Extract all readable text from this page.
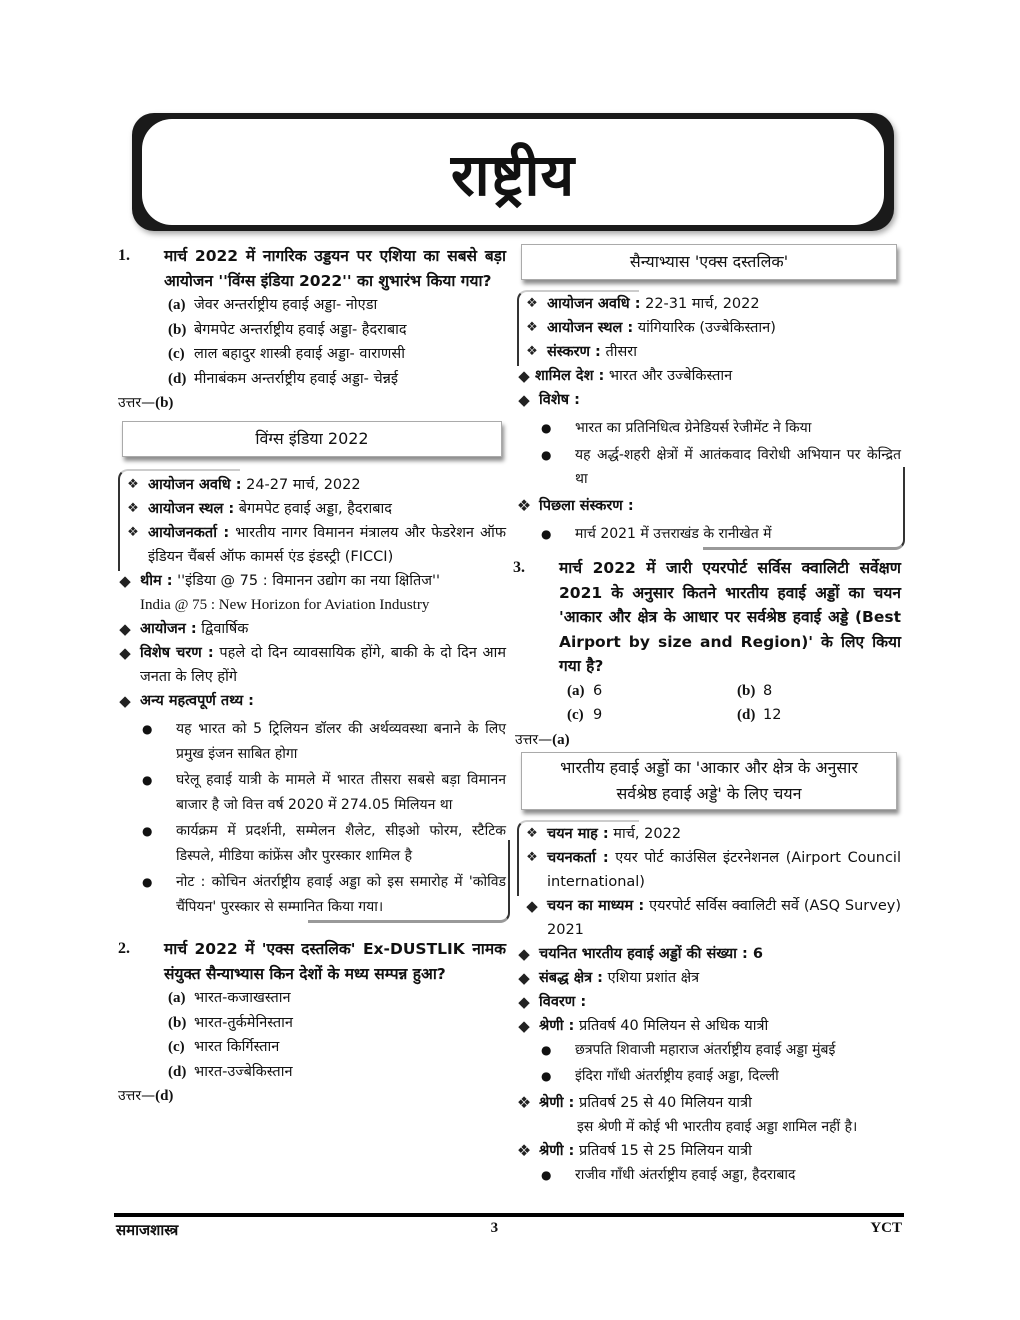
राष्ट्रीय
1.	मार्च 2022 में नागरिक उड्डयन पर एशिया का सबसे बड़ा आयोजन ''विंग्स इंडिया 2022'' का शुभारंभ किया गया?
(a) जेवर अन्तर्राष्ट्रीय हवाई अड्डा- नोएडा
(b) बेगमपेट अन्तर्राष्ट्रीय हवाई अड्डा- हैदराबाद
(c) लाल बहादुर शास्त्री हवाई अड्डा- वाराणसी
(d) मीनाबंकम अन्तर्राष्ट्रीय हवाई अड्डा- चेन्नई
उत्तर—(b)
विंग्स इंडिया 2022
❖ आयोजन अवधि : 24-27 मार्च, 2022
❖ आयोजन स्थल : बेगमपेट हवाई अड्डा, हैदराबाद
❖ आयोजनकर्ता : भारतीय नागर विमानन मंत्रालय और फेडरेशन ऑफ इंडियन चैंबर्स ऑफ कामर्स एंड इंडस्ट्री (FICCI)
◆ थीम : ''इंडिया @ 75 : विमानन उद्योग का नया क्षितिज''
India @ 75 : New Horizon for Aviation Industry
◆ आयोजन : द्विवार्षिक
◆ विशेष चरण : पहले दो दिन व्यावसायिक होंगे, बाकी के दो दिन आम जनता के लिए होंगे
◆ अन्य महत्वपूर्ण तथ्य :
●	यह भारत को 5 ट्रिलियन डॉलर की अर्थव्यवस्था बनाने के लिए प्रमुख इंजन साबित होगा
●	घरेलू हवाई यात्री के मामले में भारत तीसरा सबसे बड़ा विमानन बाजार है जो वित्त वर्ष 2020 में 274.05 मिलियन था
●	कार्यक्रम में प्रदर्शनी, सम्मेलन शैलेट, सीइओ फोरम, स्टैटिक डिस्पले, मीडिया कांफ्रेंस और पुरस्कार शामिल है
●	नोट : कोचिन अंतर्राष्ट्रीय हवाई अड्डा को इस समारोह में 'कोविड चैंपियन' पुरस्कार से सम्मानित किया गया।
2.	मार्च 2022 में 'एक्स दस्तलिक' Ex-DUSTLIK नामक संयुक्त सैन्याभ्यास किन देशों के मध्य सम्पन्न हुआ?
(a) भारत-कजाखस्तान
(b) भारत-तुर्कमेनिस्तान
(c) भारत किर्गिस्तान
(d) भारत-उज्बेकिस्तान
उत्तर—(d)
सैन्याभ्यास 'एक्स दस्तलिक'
❖ आयोजन अवधि : 22-31 मार्च, 2022
❖ आयोजन स्थल : यांगियारिक (उज्बेकिस्तान)
❖ संस्करण : तीसरा
◆ शामिल देश : भारत और उज्बेकिस्तान
◆ विशेष :
●	भारत का प्रतिनिधित्व ग्रेनेडियर्स रेजीमेंट ने किया
●	यह अर्द्ध-शहरी क्षेत्रों में आतंकवाद विरोधी अभियान पर केन्द्रित था
❖ पिछला संस्करण :
●	मार्च 2021 में उत्तराखंड के रानीखेत में
3.	मार्च 2022 में जारी एयरपोर्ट सर्विस क्वालिटी सर्वेक्षण 2021 के अनुसार कितने भारतीय हवाई अड्डों का चयन 'आकार और क्षेत्र के आधार पर सर्वश्रेष्ठ हवाई अड्डे (Best Airport by size and Region)' के लिए किया गया है?
(a) 6	(b) 8
(c) 9	(d) 12
उत्तर—(a)
भारतीय हवाई अड्डों का 'आकार और क्षेत्र के अनुसार सर्वश्रेष्ठ हवाई अड्डे' के लिए चयन
❖ चयन माह : मार्च, 2022
❖ चयनकर्ता : एयर पोर्ट काउंसिल इंटरनेशनल (Airport Council international)
◆ चयन का माध्यम : एयरपोर्ट सर्विस क्वालिटी सर्वे (ASQ Survey) 2021
◆ चयनित भारतीय हवाई अड्डों की संख्या : 6
◆ संबद्ध क्षेत्र : एशिया प्रशांत क्षेत्र
◆ विवरण :
◆ श्रेणी : प्रतिवर्ष 40 मिलियन से अधिक यात्री
●	छत्रपति शिवाजी महाराज अंतर्राष्ट्रीय हवाई अड्डा मुंबई
●	इंदिरा गाँधी अंतर्राष्ट्रीय हवाई अड्डा, दिल्ली
❖ श्रेणी : प्रतिवर्ष 25 से 40 मिलियन यात्री
इस श्रेणी में कोई भी भारतीय हवाई अड्डा शामिल नहीं है।
❖ श्रेणी : प्रतिवर्ष 15 से 25 मिलियन यात्री
●	राजीव गाँधी अंतर्राष्ट्रीय हवाई अड्डा, हैदराबाद
समाजशास्त्र	3	YCT
